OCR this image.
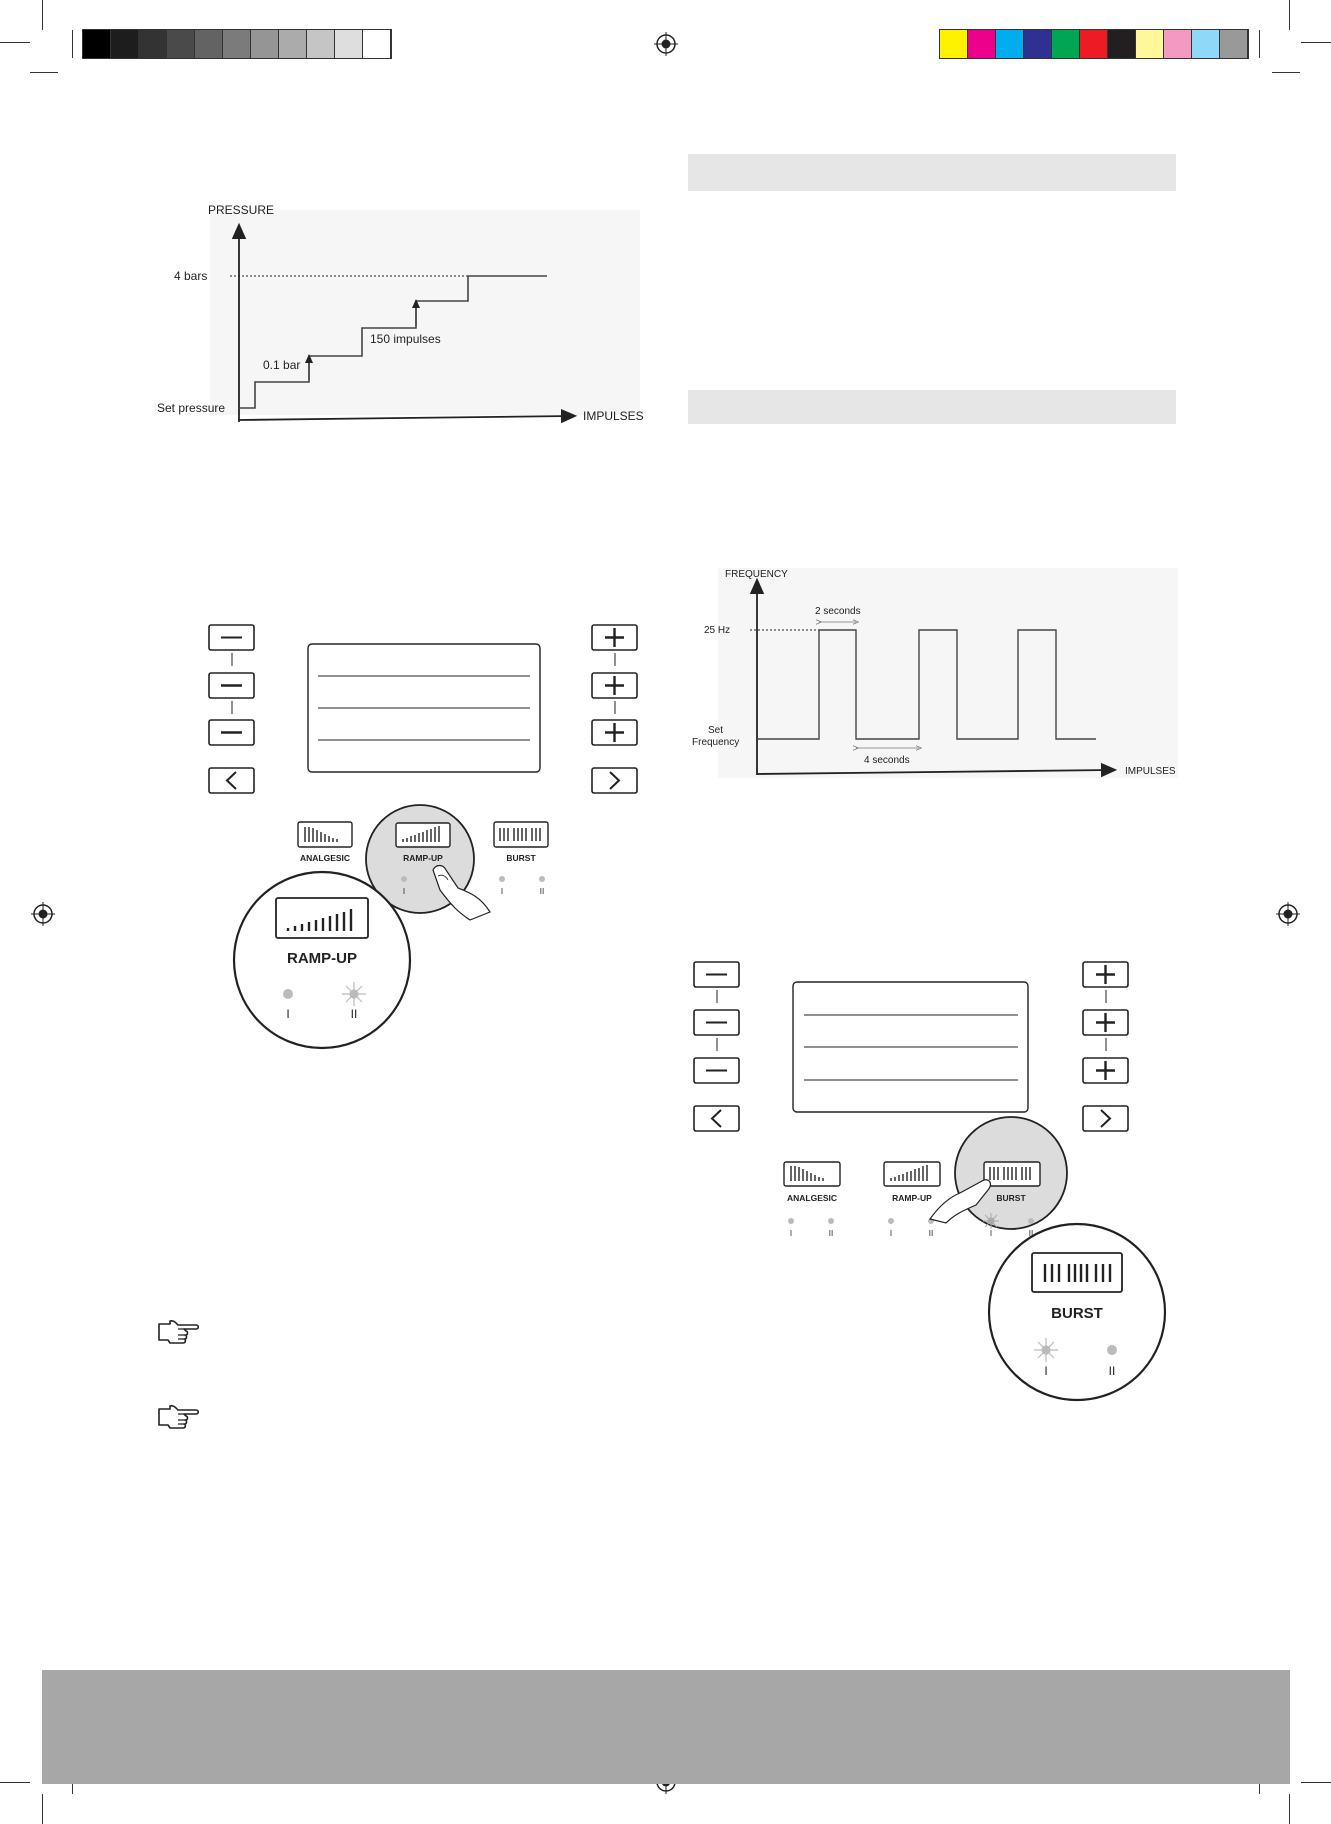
PRESSURE
IMPULSES
4 bars
Set pressure
0.1 bar
150 impulses
FREQUENCY
IMPULSES
25 Hz
Set
Frequency
2 seconds
4 seconds
ANALGESIC	RAMP-UP	BURST
I	I	II
RAMP-UP
I	II
ANALGESIC	RAMP-UP	BURST
I	II	I	II	I	II
BURST
I	II
